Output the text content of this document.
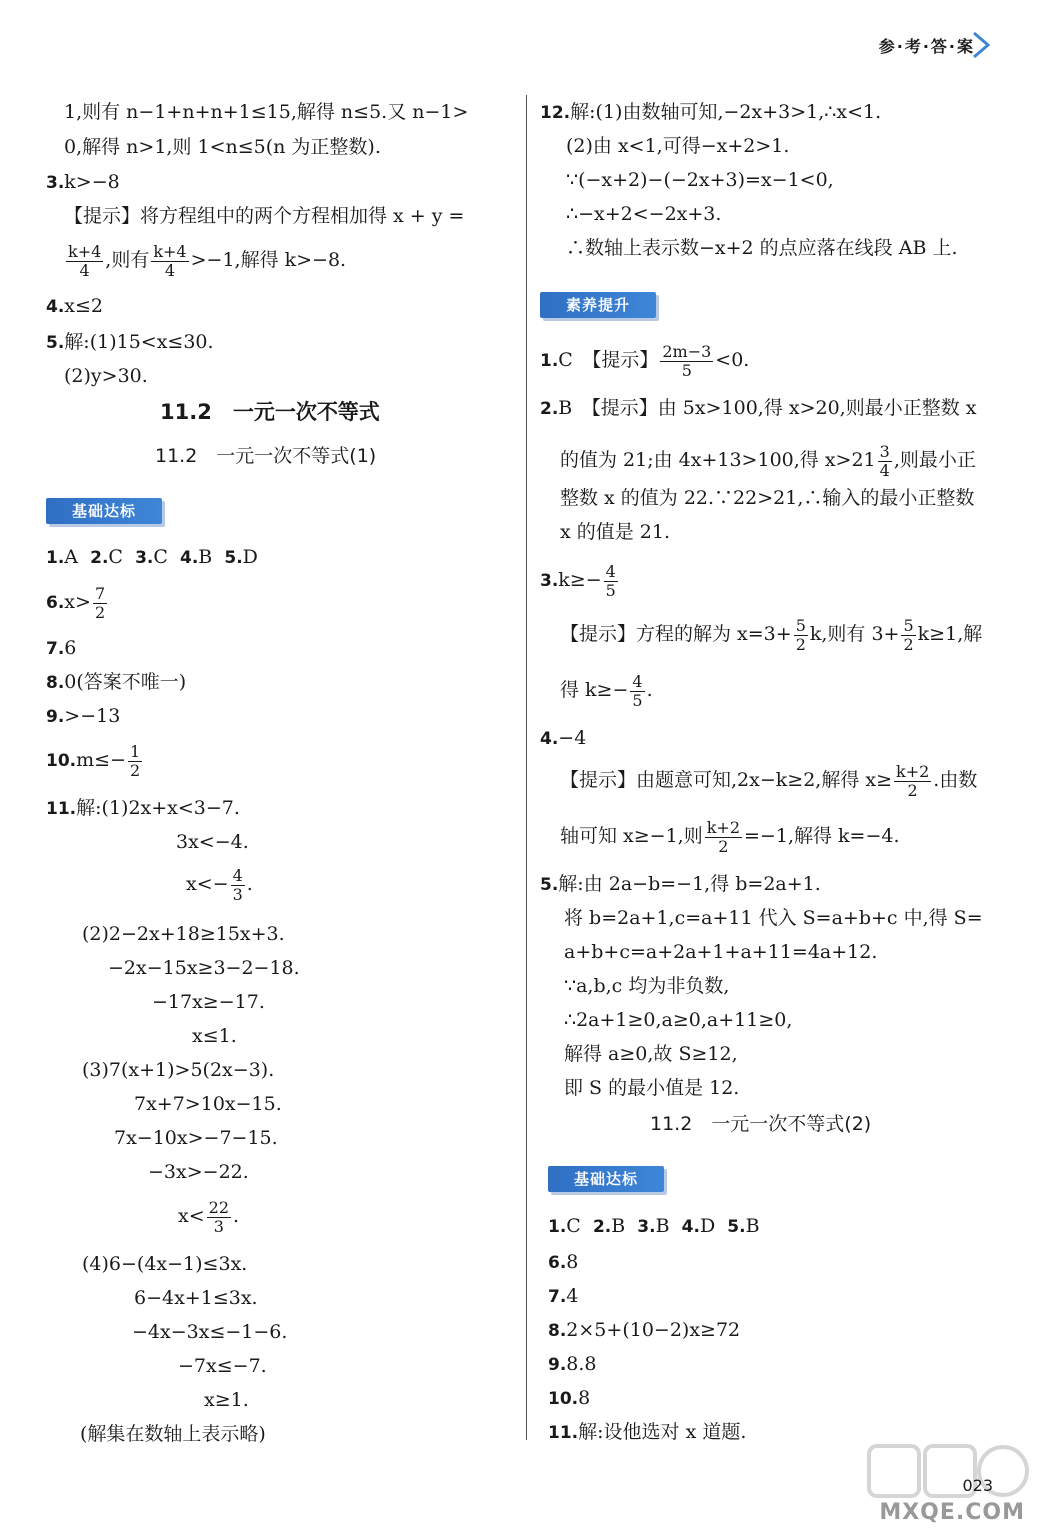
参·考·答·案
1,则有 n−1+n+n+1≤15,解得 n≤5.又 n−1>
0,解得 n>1,则 1<n≤5(n 为正整数).
3.k>−8
【提示】将方程组中的两个方程相加得 x + y =
$\frac{k+4}{4}$ ,则有 $\frac{k+4}{4} >-1$,解得 k>−8.
4.x≤2
5.解:(1)15<x≤30.
(2)y>30.
11.2　一元一次不等式
11.2　一元一次不等式(1)
基础达标
1.A 2.C 3.C 4.B 5.D
$6.x> \frac{7}{2}$
7.6
8.0(答案不唯一)
9.>−13
$10.m\le- \frac{1}{2}$
11.解:(1)2x+x<3−7.
3x<−4.
$x<- \frac{4}{3}$ .
(2)2−2x+18≥15x+3.
−2x−15x≥3−2−18.
−17x≥−17.
x≤1.
(3)7(x+1)>5(2x−3).
7x+7>10x−15.
7x−10x>−7−15.
−3x>−22.
$x< \frac{22}{3}$ .
(4)6−(4x−1)≤3x.
6−4x+1≤3x.
−4x−3x≤−1−6.
−7x≤−7.
x≥1.
(解集在数轴上表示略)
12.解:(1)由数轴可知,−2x+3>1,∴x<1.
(2)由 x<1,可得−x+2>1.
∵(−x+2)−(−2x+3)=x−1<0,
∴−x+2<−2x+3.
∴数轴上表示数−x+2 的点应落在线段 AB 上.
素养提升
1.C　【提示】 $\frac{2m-3}{5} <0$.
2.B　【提示】由 5x>100,得 x>20,则最小正整数 x
的值为 21;由 4x+13>100,得 $x>21 \frac{3}{4}$ ,则最小正
整数 x 的值为 22.∵22>21,∴输入的最小正整数
x 的值是 21.
$3.k\ge- \frac{4}{5}$
【提示】方程的解为 $x=3+ \frac{5}{2} k$,则有 $3+ \frac{5}{2} k\ge 1$,解
得 $k\ge- \frac{4}{5}$ .
4.−4
【提示】由题意可知,2x−k≥2,解得 $x\ge \frac{k+2}{2}$ .由数
轴可知 x≥−1,则 $\frac{k+2}{2} =-1$,解得 k=−4.
5.解:由 2a−b=−1,得 b=2a+1.
将 b=2a+1,c=a+11 代入 S=a+b+c 中,得 S=
a+b+c=a+2a+1+a+11=4a+12.
∵a,b,c 均为非负数,
∴2a+1≥0,a≥0,a+11≥0,
解得 a≥0,故 S≥12,
即 S 的最小值是 12.
11.2　一元一次不等式(2)
基础达标
1.C 2.B 3.B 4.D 5.B
6.8
7.4
8.2×5+(10−2)x≥72
9.8.8
10.8
11.解:设他选对 x 道题.
MXQE.COM
023
